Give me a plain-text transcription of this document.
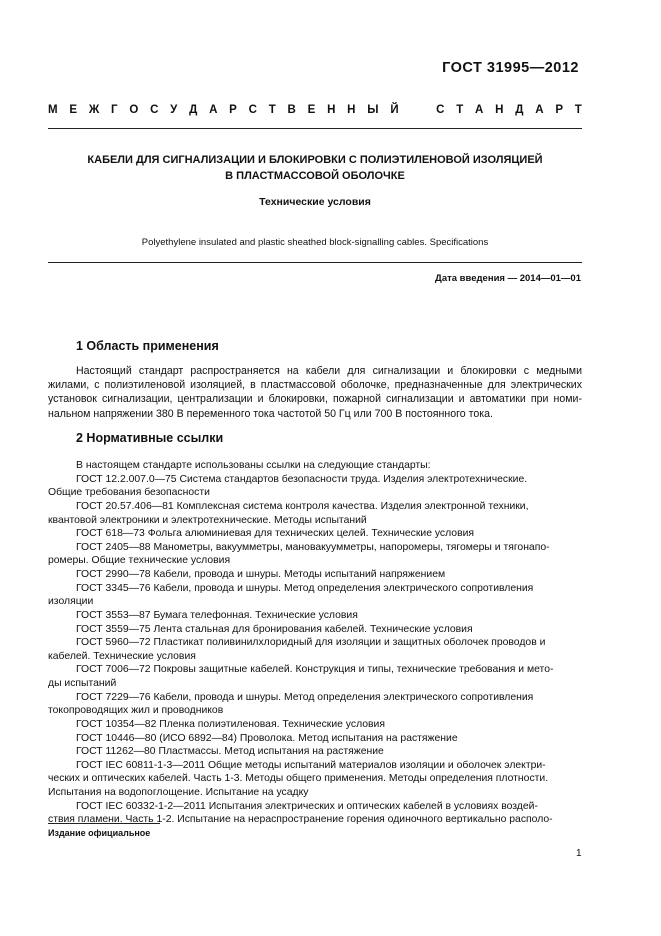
ГОСТ 31995—2012
М Е Ж Г О С У Д А Р С Т В Е Н Н Ы Й	С Т А Н Д А Р Т
КАБЕЛИ ДЛЯ СИГНАЛИЗАЦИИ И БЛОКИРОВКИ С ПОЛИЭТИЛЕНОВОЙ ИЗОЛЯЦИЕЙ
В ПЛАСТМАССОВОЙ ОБОЛОЧКЕ
Технические условия
Polyethylene insulated and plastic sheathed block-signalling cables. Specifications
Дата введения — 2014—01—01
1 Область применения
Настоящий стандарт распространяется на кабели для сигнализации и блокировки с медными
жилами, с полиэтиленовой изоляцией, в пластмассовой оболочке, предназначенные для электрических
установок сигнализации, централизации и блокировки, пожарной сигнализации и автоматики при номи-
нальном напряжении 380 В переменного тока частотой 50 Гц или 700 В постоянного тока.
2 Нормативные ссылки
В настоящем стандарте использованы ссылки на следующие стандарты:
ГОСТ 12.2.007.0—75 Система стандартов безопасности труда. Изделия электротехнические.
Общие требования безопасности
ГОСТ 20.57.406—81 Комплексная система контроля качества. Изделия электронной техники,
квантовой электроники и электротехнические. Методы испытаний
ГОСТ 618—73 Фольга алюминиевая для технических целей. Технические условия
ГОСТ 2405—88 Манометры, вакуумметры, мановакуумметры, напоромеры, тягомеры и тягонапо-
ромеры. Общие технические условия
ГОСТ 2990—78 Кабели, провода и шнуры. Методы испытаний напряжением
ГОСТ 3345—76 Кабели, провода и шнуры. Метод определения электрического сопротивления
изоляции
ГОСТ 3553—87 Бумага телефонная. Технические условия
ГОСТ 3559—75 Лента стальная для бронирования кабелей. Технические условия
ГОСТ 5960—72 Пластикат поливинилхлоридный для изоляции и защитных оболочек проводов и
кабелей. Технические условия
ГОСТ 7006—72 Покровы защитные кабелей. Конструкция и типы, технические требования и мето-
ды испытаний
ГОСТ 7229—76 Кабели, провода и шнуры. Метод определения электрического сопротивления
токопроводящих жил и проводников
ГОСТ 10354—82 Пленка полиэтиленовая. Технические условия
ГОСТ 10446—80 (ИСО 6892—84) Проволока. Метод испытания на растяжение
ГОСТ 11262—80 Пластмассы. Метод испытания на растяжение
ГОСТ IEC 60811-1-3—2011 Общие методы испытаний материалов изоляции и оболочек электри-
ческих и оптических кабелей. Часть 1-3. Методы общего применения. Методы определения плотности.
Испытания на водопоглощение. Испытание на усадку
ГОСТ IEC 60332-1-2—2011 Испытания электрических и оптических кабелей в условиях воздей-
ствия пламени. Часть 1-2. Испытание на нераспространение горения одиночного вертикально располо-
Издание официальное
1
